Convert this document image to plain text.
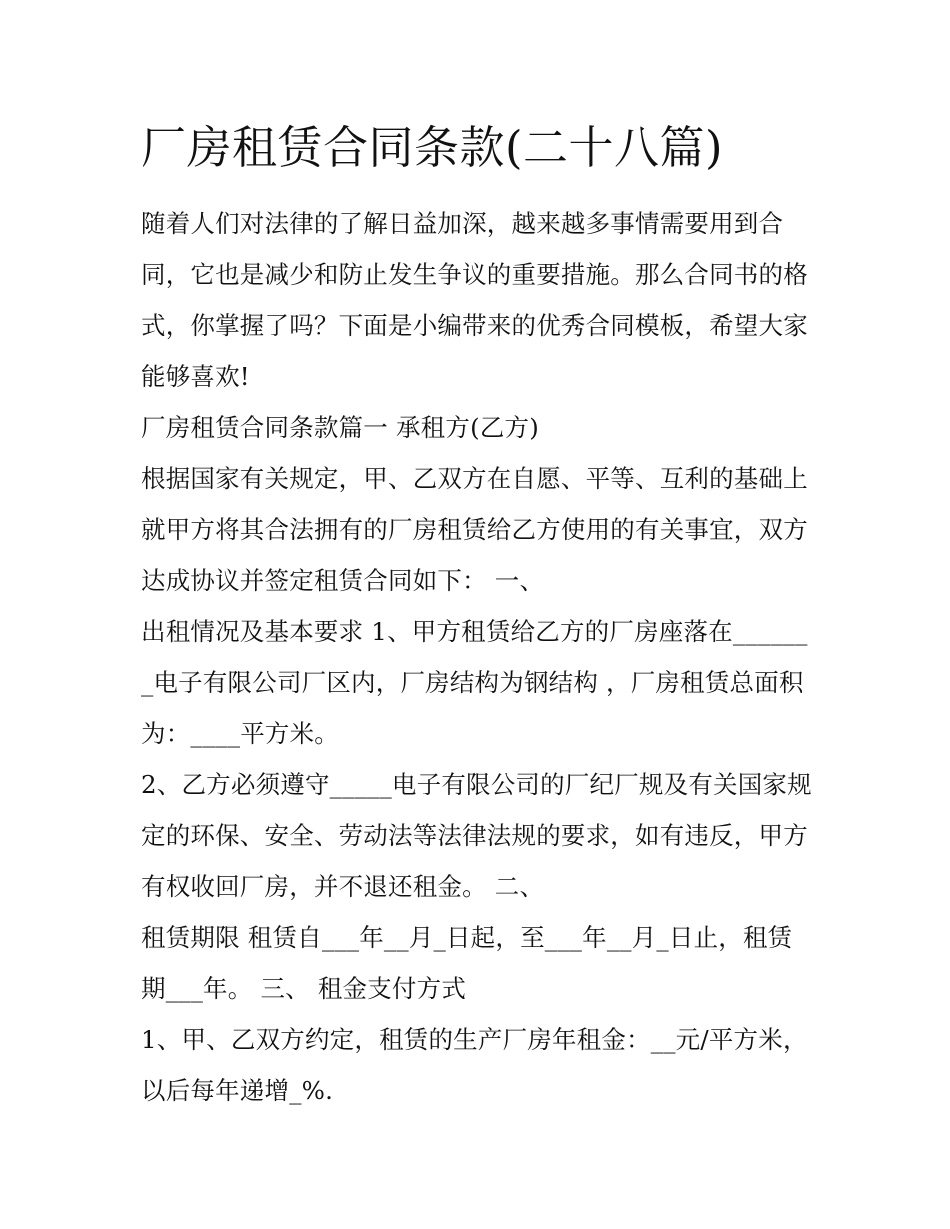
厂房租赁合同条款(二十八篇)

随着人们对法律的了解日益加深，越来越多事情需要用到合同，它也是减少和防止发生争议的重要措施。那么合同书的格式，你掌握了吗？下面是小编带来的优秀合同模板，希望大家能够喜欢!

厂房租赁合同条款篇一 承租方(乙方)

根据国家有关规定，甲、乙双方在自愿、平等、互利的基础上就甲方将其合法拥有的厂房租赁给乙方使用的有关事宜，双方达成协议并签定租赁合同如下： 一、

出租情况及基本要求 1、甲方租赁给乙方的厂房座落在_______电子有限公司厂区内，厂房结构为钢结构 ，厂房租赁总面积为：____平方米。

2、乙方必须遵守_____电子有限公司的厂纪厂规及有关国家规定的环保、安全、劳动法等法律法规的要求，如有违反，甲方有权收回厂房，并不退还租金。 二、

租赁期限 租赁自___年__月_日起，至___年__月_日止，租赁期___年。 三、 租金支付方式

1、甲、乙双方约定，租赁的生产厂房年租金：__元/平方米，以后每年递增_%.
